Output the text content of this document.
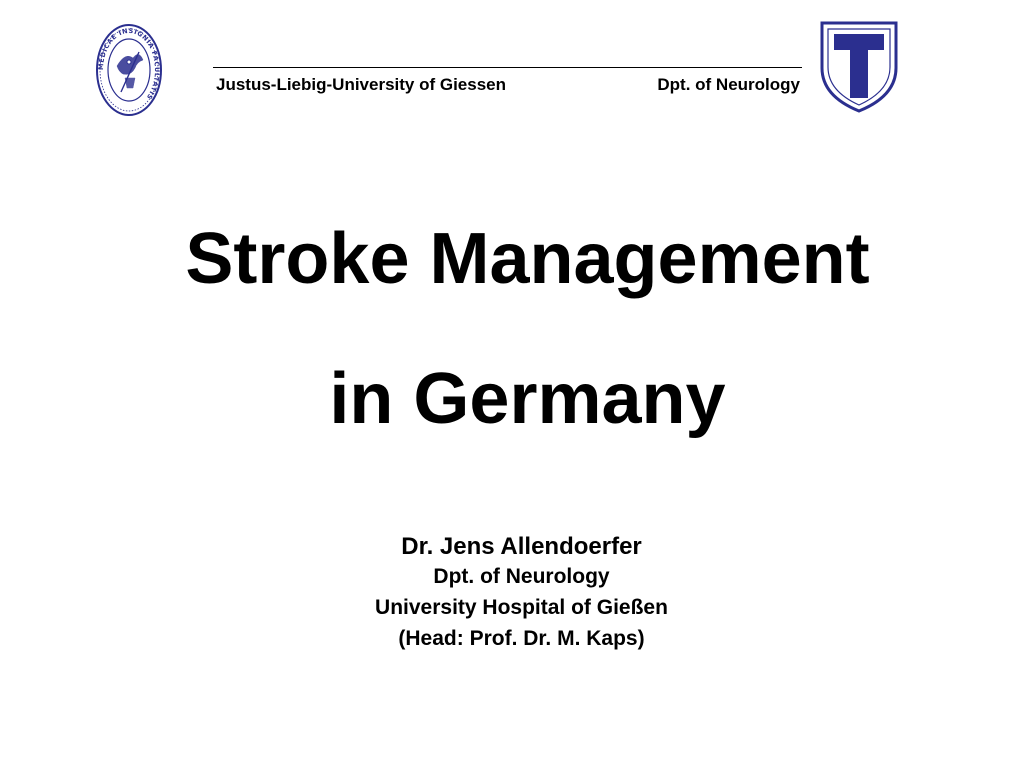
MEDICAE INSIGNIA FACULTATIS
Justus-Liebig-University of Giessen	Dpt. of Neurology
Stroke Management
in Germany
Dr. Jens Allendoerfer
Dpt. of Neurology
University Hospital of Gießen
(Head: Prof. Dr. M. Kaps)
